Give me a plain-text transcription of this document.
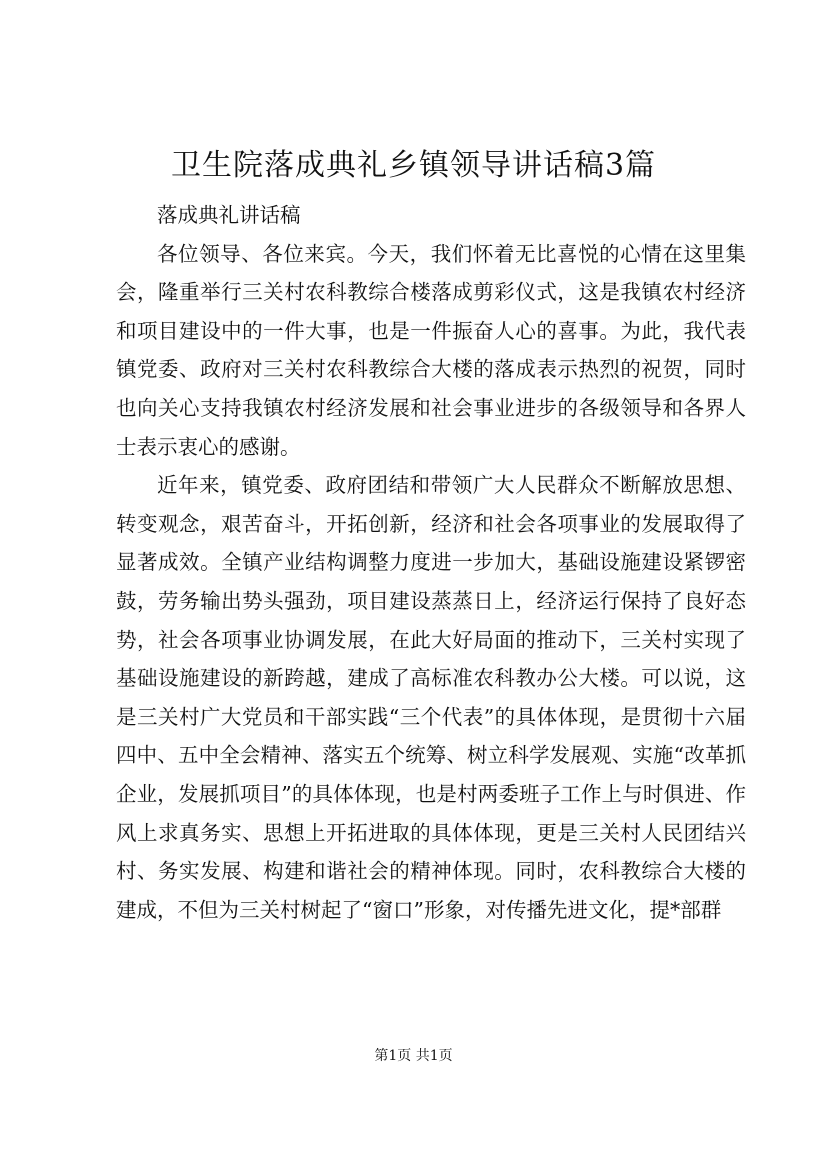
卫生院落成典礼乡镇领导讲话稿3篇

落成典礼讲话稿

各位领导、各位来宾。今天，我们怀着无比喜悦的心情在这里集会，隆重举行三关村农科教综合楼落成剪彩仪式，这是我镇农村经济和项目建设中的一件大事，也是一件振奋人心的喜事。为此，我代表镇党委、政府对三关村农科教综合大楼的落成表示热烈的祝贺，同时也向关心支持我镇农村经济发展和社会事业进步的各级领导和各界人士表示衷心的感谢。

近年来，镇党委、政府团结和带领广大人民群众不断解放思想、转变观念，艰苦奋斗，开拓创新，经济和社会各项事业的发展取得了显著成效。全镇产业结构调整力度进一步加大，基础设施建设紧锣密鼓，劳务输出势头强劲，项目建设蒸蒸日上，经济运行保持了良好态势，社会各项事业协调发展，在此大好局面的推动下，三关村实现了基础设施建设的新跨越，建成了高标准农科教办公大楼。可以说，这是三关村广大党员和干部实践“三个代表”的具体体现，是贯彻十六届四中、五中全会精神、落实五个统筹、树立科学发展观、实施“改革抓企业，发展抓项目”的具体体现，也是村两委班子工作上与时俱进、作风上求真务实、思想上开拓进取的具体体现，更是三关村人民团结兴村、务实发展、构建和谐社会的精神体现。同时，农科教综合大楼的建成，不但为三关村树起了“窗口”形象，对传播先进文化，提*部群

第1页 共1页
